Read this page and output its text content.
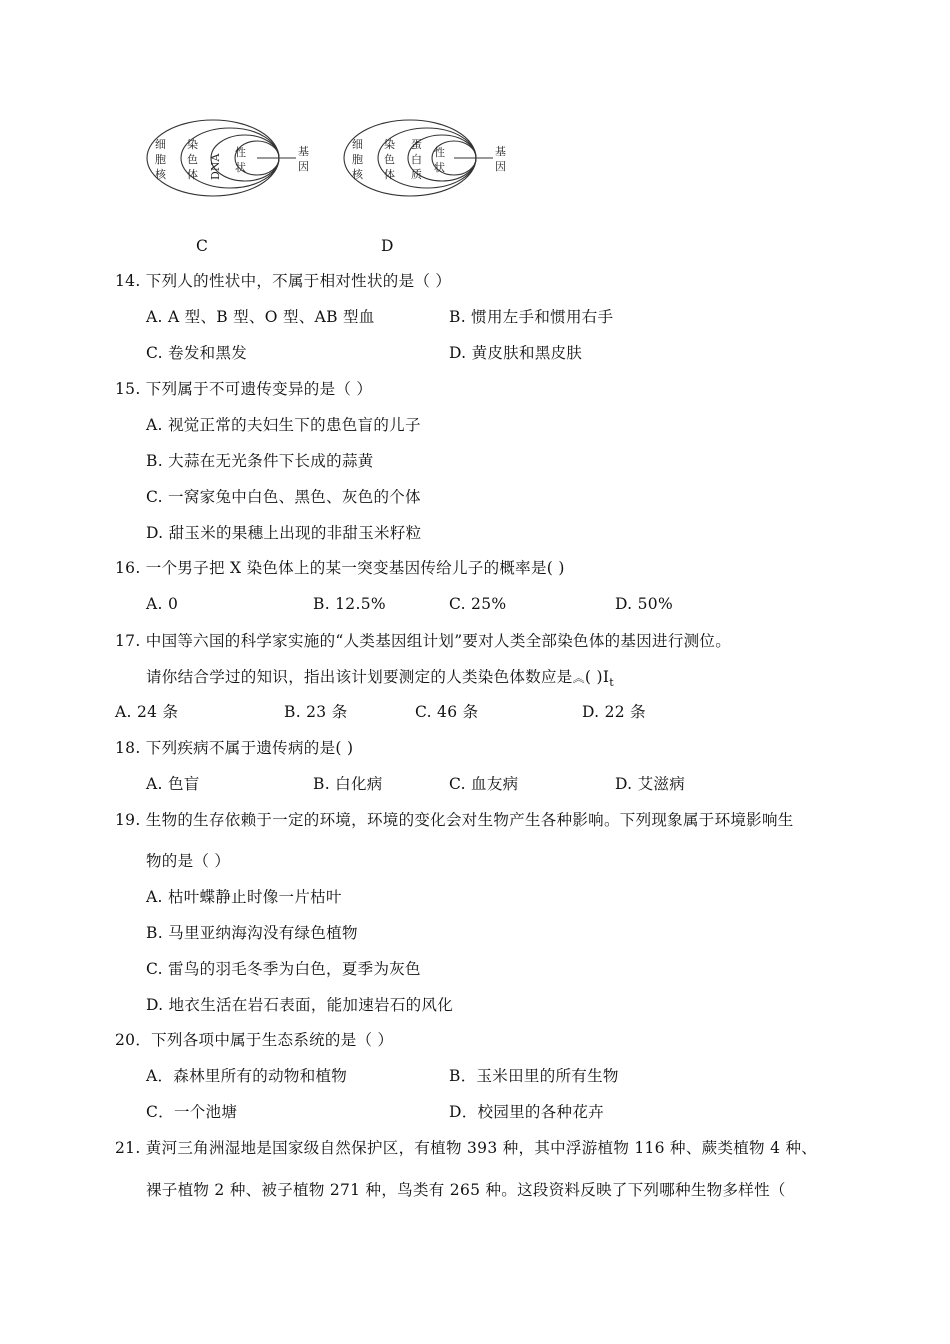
细
胞
核
染
色
体 DNA
性
状
基
因
C
细
胞
核
染
色
体
蛋
白
质
性
状
基
因
D
14. 下列人的性状中，不属于相对性状的是（ ）
A. A 型、B 型、O 型、AB 型血	B. 惯用左手和惯用右手
C. 卷发和黑发	D. 黄皮肤和黑皮肤
15. 下列属于不可遗传变异的是（ ）
A. 视觉正常的夫妇生下的患色盲的儿子
B. 大蒜在无光条件下长成的蒜黄
C. 一窝家兔中白色、黑色、灰色的个体
D. 甜玉米的果穗上出现的非甜玉米籽粒
16. 一个男子把 X 染色体上的某一突变基因传给儿子的概率是( )
A. 0	B. 12.5%	C. 25%	D. 50%
17. 中国等六国的科学家实施的“人类基因组计划”要对人类全部染色体的基因进行测位。
请你结合学过的知识，指出该计划要测定的人类染色体数应是︽( )$Ⅰ_t$
A. 24 条	B. 23 条	C. 46 条	D. 22 条
18. 下列疾病不属于遗传病的是( )
A. 色盲	B. 白化病	C. 血友病	D. 艾滋病
19. 生物的生存依赖于一定的环境，环境的变化会对生物产生各种影响。下列现象属于环境影响生
物的是（ ）
A. 枯叶蝶静止时像一片枯叶
B. 马里亚纳海沟没有绿色植物
C. 雷鸟的羽毛冬季为白色，夏季为灰色
D. 地衣生活在岩石表面，能加速岩石的风化
20．下列各项中属于生态系统的是（ ）
A．森林里所有的动物和植物	B．玉米田里的所有生物
C．一个池塘	D．校园里的各种花卉
21. 黄河三角洲湿地是国家级自然保护区，有植物 393 种，其中浮游植物 116 种、蕨类植物 4 种、
裸子植物 2 种、被子植物 271 种，鸟类有 265 种。这段资料反映了下列哪种生物多样性（
